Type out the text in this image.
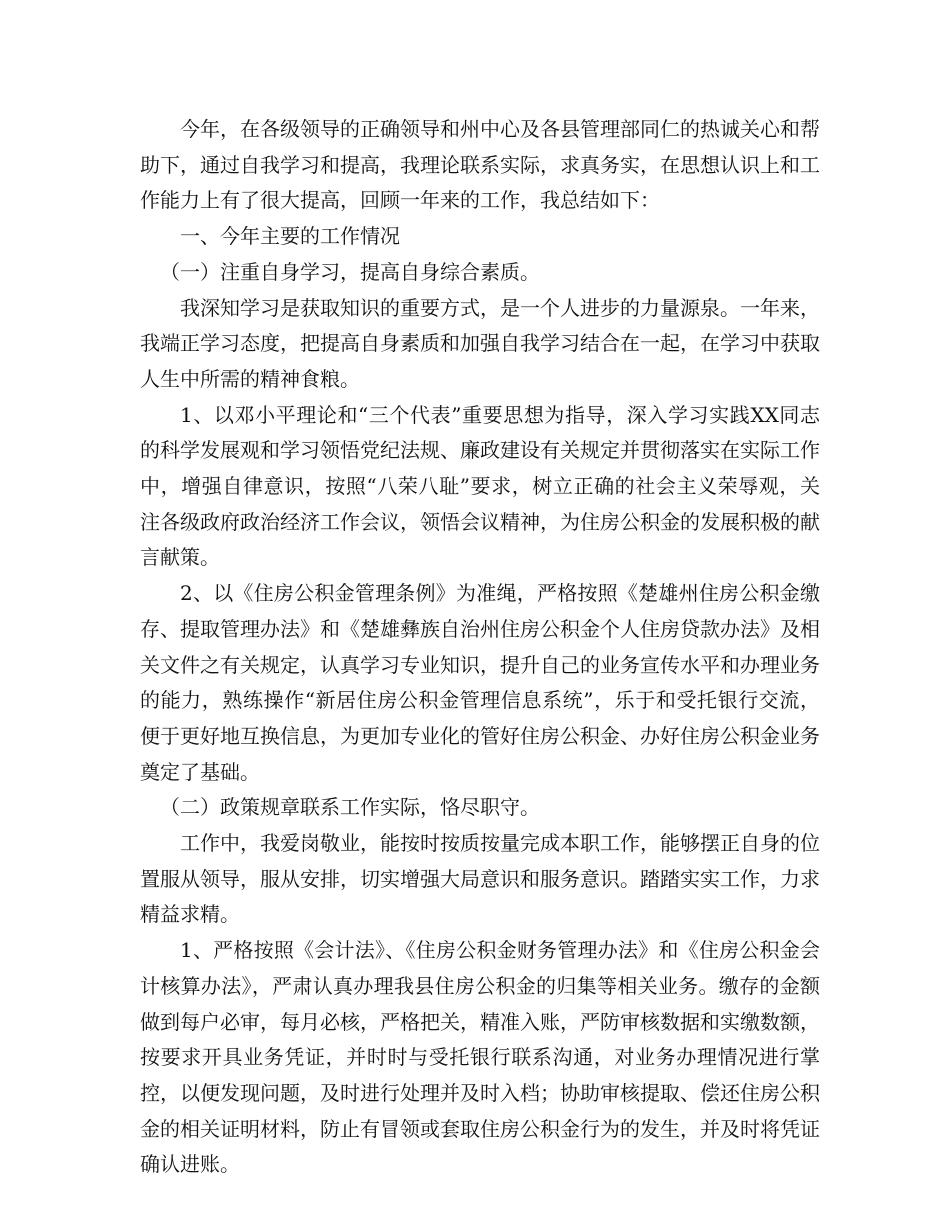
今年，在各级领导的正确领导和州中心及各县管理部同仁的热诚关心和帮助下，通过自我学习和提高，我理论联系实际，求真务实，在思想认识上和工作能力上有了很大提高，回顾一年来的工作，我总结如下：

一、今年主要的工作情况

（一）注重自身学习，提高自身综合素质。

我深知学习是获取知识的重要方式，是一个人进步的力量源泉。一年来，我端正学习态度，把提高自身素质和加强自我学习结合在一起，在学习中获取人生中所需的精神食粮。

1、以邓小平理论和“三个代表”重要思想为指导，深入学习实践XX同志的科学发展观和学习领悟党纪法规、廉政建设有关规定并贯彻落实在实际工作中，增强自律意识，按照“八荣八耻”要求，树立正确的社会主义荣辱观，关注各级政府政治经济工作会议，领悟会议精神，为住房公积金的发展积极的献言献策。

2、以《住房公积金管理条例》为准绳，严格按照《楚雄州住房公积金缴存、提取管理办法》和《楚雄彝族自治州住房公积金个人住房贷款办法》及相关文件之有关规定，认真学习专业知识，提升自己的业务宣传水平和办理业务的能力，熟练操作“新居住房公积金管理信息系统”，乐于和受托银行交流，便于更好地互换信息，为更加专业化的管好住房公积金、办好住房公积金业务奠定了基础。

（二）政策规章联系工作实际，恪尽职守。

工作中，我爱岗敬业，能按时按质按量完成本职工作，能够摆正自身的位置服从领导，服从安排，切实增强大局意识和服务意识。踏踏实实工作，力求精益求精。

1、严格按照《会计法》、《住房公积金财务管理办法》和《住房公积金会计核算办法》，严肃认真办理我县住房公积金的归集等相关业务。缴存的金额做到每户必审，每月必核，严格把关，精准入账，严防审核数据和实缴数额，按要求开具业务凭证，并时时与受托银行联系沟通，对业务办理情况进行掌控，以便发现问题，及时进行处理并及时入档；协助审核提取、偿还住房公积金的相关证明材料，防止有冒领或套取住房公积金行为的发生，并及时将凭证确认进账。
